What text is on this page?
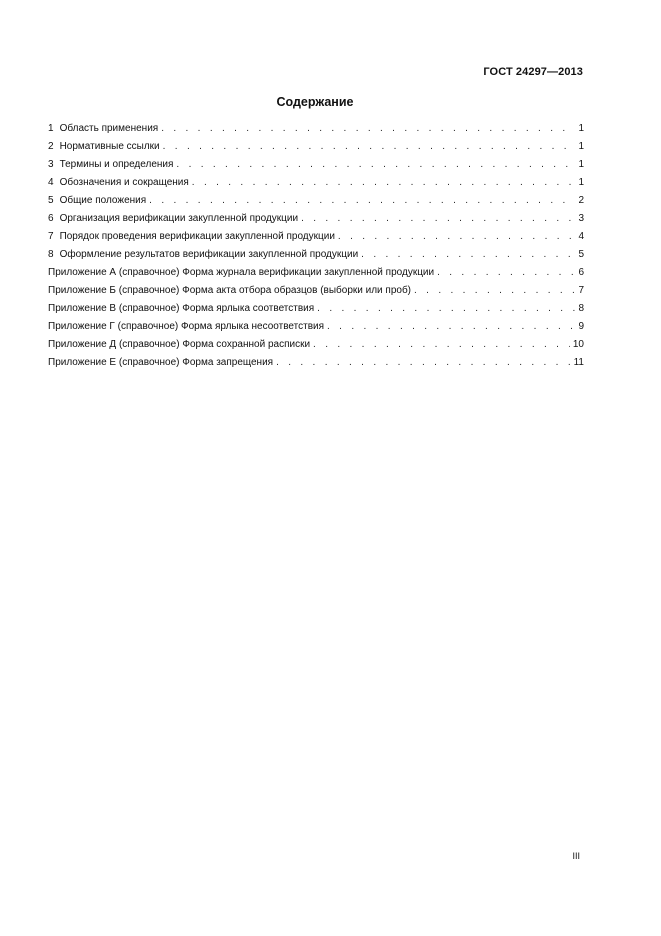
ГОСТ 24297—2013
Содержание
1 Область применения . . .	1
2 Нормативные ссылки . . .	1
3 Термины и определения . . .	1
4 Обозначения и сокращения . . .	1
5 Общие положения . . .	2
6 Организация верификации закупленной продукции . . .	3
7 Порядок проведения верификации закупленной продукции . . .	4
8 Оформление результатов верификации закупленной продукции . . .	5
Приложение А (справочное) Форма журнала верификации закупленной продукции . . .	6
Приложение Б (справочное) Форма акта отбора образцов (выборки или проб) . . .	7
Приложение В (справочное) Форма ярлыка соответствия . . .	8
Приложение Г (справочное) Форма ярлыка несоответствия . . .	9
Приложение Д (справочное) Форма сохранной расписки . . .	10
Приложение Е (справочное) Форма запрещения . . .	11
III
